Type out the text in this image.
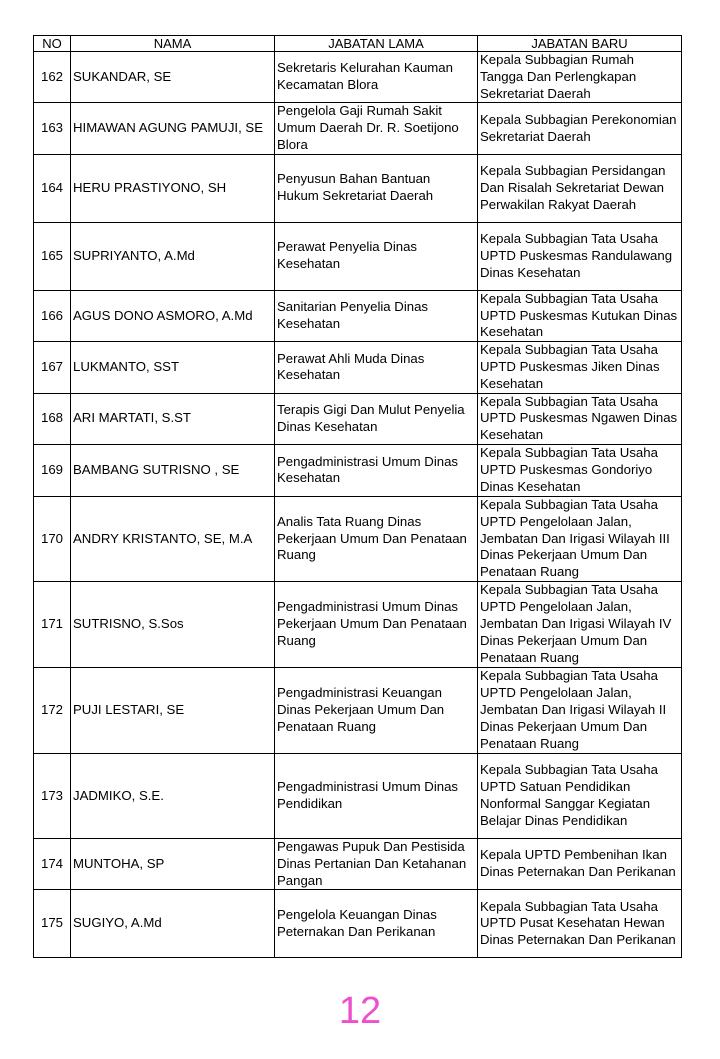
NO	NAMA	JABATAN LAMA	JABATAN BARU
162	SUKANDAR, SE	Sekretaris Kelurahan Kauman Kecamatan Blora	Kepala Subbagian Rumah Tangga Dan Perlengkapan Sekretariat Daerah
163	HIMAWAN AGUNG PAMUJI, SE	Pengelola Gaji Rumah Sakit Umum Daerah Dr. R. Soetijono Blora	Kepala Subbagian Perekonomian Sekretariat Daerah
164	HERU PRASTIYONO, SH	Penyusun Bahan Bantuan Hukum Sekretariat Daerah	Kepala Subbagian Persidangan Dan Risalah Sekretariat Dewan Perwakilan Rakyat Daerah
165	SUPRIYANTO, A.Md	Perawat Penyelia Dinas Kesehatan	Kepala Subbagian Tata Usaha UPTD Puskesmas Randulawang Dinas Kesehatan
166	AGUS DONO ASMORO, A.Md	Sanitarian Penyelia Dinas Kesehatan	Kepala Subbagian Tata Usaha UPTD Puskesmas Kutukan Dinas Kesehatan
167	LUKMANTO, SST	Perawat Ahli Muda Dinas Kesehatan	Kepala Subbagian Tata Usaha UPTD Puskesmas Jiken Dinas Kesehatan
168	ARI MARTATI, S.ST	Terapis Gigi Dan Mulut Penyelia Dinas Kesehatan	Kepala Subbagian Tata Usaha UPTD Puskesmas Ngawen Dinas Kesehatan
169	BAMBANG SUTRISNO , SE	Pengadministrasi Umum Dinas Kesehatan	Kepala Subbagian Tata Usaha UPTD Puskesmas Gondoriyo Dinas Kesehatan
170	ANDRY KRISTANTO, SE, M.A	Analis Tata Ruang Dinas Pekerjaan Umum Dan Penataan Ruang	Kepala Subbagian Tata Usaha UPTD Pengelolaan Jalan, Jembatan Dan Irigasi Wilayah III Dinas Pekerjaan Umum Dan Penataan Ruang
171	SUTRISNO, S.Sos	Pengadministrasi Umum Dinas Pekerjaan Umum Dan Penataan Ruang	Kepala Subbagian Tata Usaha UPTD Pengelolaan Jalan, Jembatan Dan Irigasi Wilayah IV Dinas Pekerjaan Umum Dan Penataan Ruang
172	PUJI LESTARI, SE	Pengadministrasi Keuangan Dinas Pekerjaan Umum Dan Penataan Ruang	Kepala Subbagian Tata Usaha UPTD Pengelolaan Jalan, Jembatan Dan Irigasi Wilayah II Dinas Pekerjaan Umum Dan Penataan Ruang
173	JADMIKO, S.E.	Pengadministrasi Umum Dinas Pendidikan	Kepala Subbagian Tata Usaha UPTD Satuan Pendidikan Nonformal Sanggar Kegiatan Belajar Dinas Pendidikan
174	MUNTOHA, SP	Pengawas Pupuk Dan Pestisida Dinas Pertanian Dan Ketahanan Pangan	Kepala UPTD Pembenihan Ikan Dinas Peternakan Dan Perikanan
175	SUGIYO, A.Md	Pengelola Keuangan Dinas Peternakan Dan Perikanan	Kepala Subbagian Tata Usaha UPTD Pusat Kesehatan Hewan Dinas Peternakan Dan Perikanan
12
